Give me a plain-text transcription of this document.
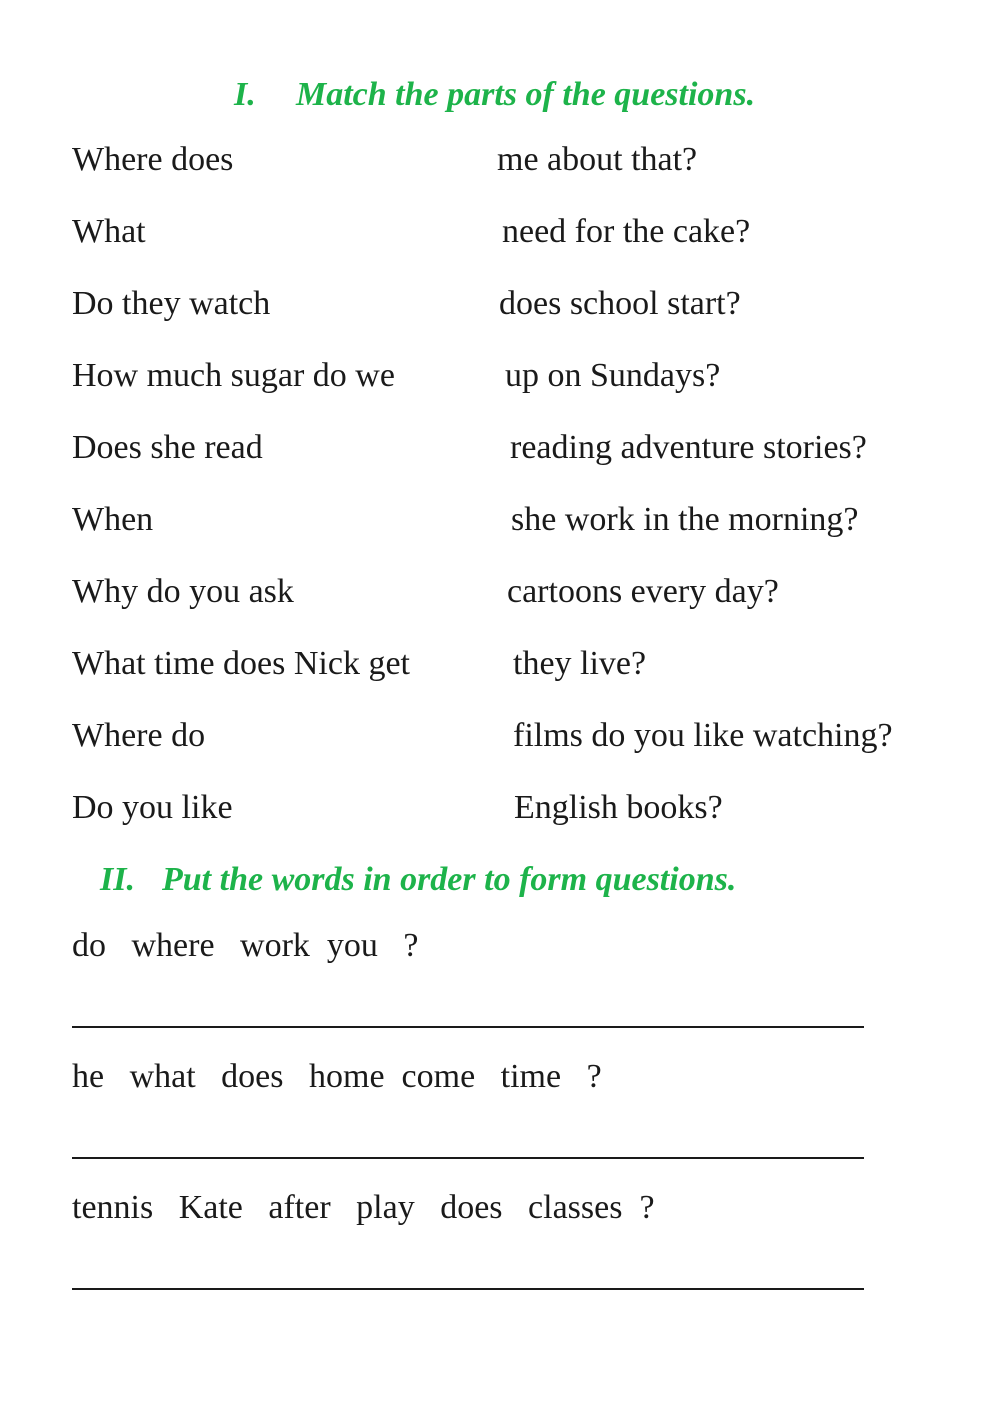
I. Match the parts of the questions.
Where does	me about that?
What	need for the cake?
Do they watch	does school start?
How much sugar do we	up on Sundays?
Does she read	reading adventure stories?
When	she work in the morning?
Why do you ask	cartoons every day?
What time does Nick get	they live?
Where do	films do you like watching?
Do you like	English books?
II. Put the words in order to form questions.
do   where   work  you   ?
he   what   does   home  come   time   ?
tennis   Kate   after   play   does   classes  ?
